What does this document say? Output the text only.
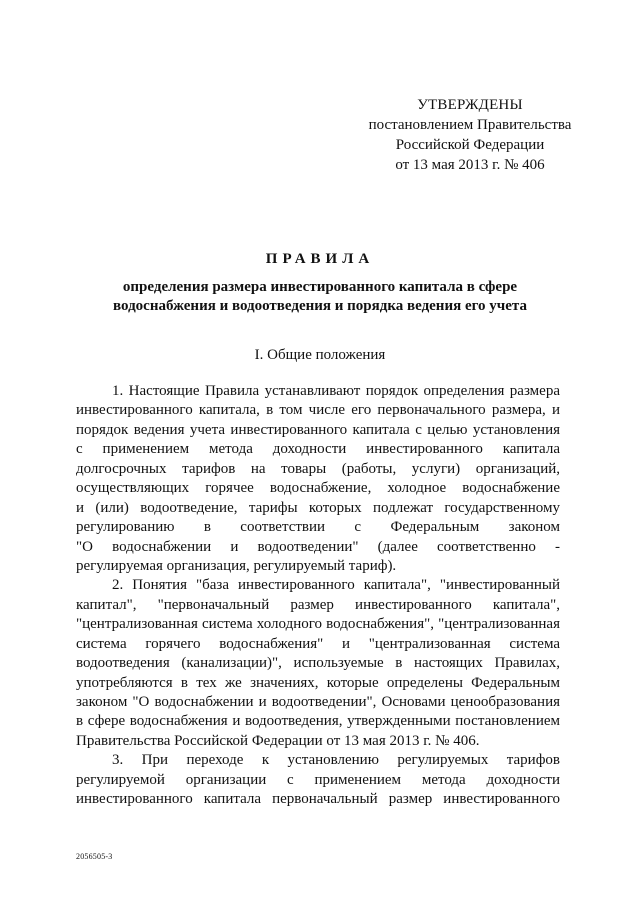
УТВЕРЖДЕНЫ
постановлением Правительства
Российской Федерации
от 13 мая 2013 г. № 406
ПРАВИЛА
определения размера инвестированного капитала в сфере
водоснабжения и водоотведения и порядка ведения его учета
I. Общие положения
1. Настоящие Правила устанавливают порядок определения размера
инвестированного капитала, в том числе его первоначального размера, и
порядок ведения учета инвестированного капитала с целью установления
с применением метода доходности инвестированного капитала
долгосрочных тарифов на товары (работы, услуги) организаций,
осуществляющих горячее водоснабжение, холодное водоснабжение
и (или) водоотведение, тарифы которых подлежат государственному
регулированию в соответствии с Федеральным законом
"О водоснабжении и водоотведении" (далее соответственно -
регулируемая организация, регулируемый тариф).
2. Понятия "база инвестированного капитала", "инвестированный
капитал", "первоначальный размер инвестированного капитала",
"централизованная система холодного водоснабжения", "централизованная
система горячего водоснабжения" и "централизованная система
водоотведения (канализации)", используемые в настоящих Правилах,
употребляются в тех же значениях, которые определены Федеральным
законом "О водоснабжении и водоотведении", Основами ценообразования
в сфере водоснабжения и водоотведения, утвержденными постановлением
Правительства Российской Федерации от 13 мая 2013 г. № 406.
3. При переходе к установлению регулируемых тарифов
регулируемой организации с применением метода доходности
инвестированного капитала первоначальный размер инвестированного
2056505-3
